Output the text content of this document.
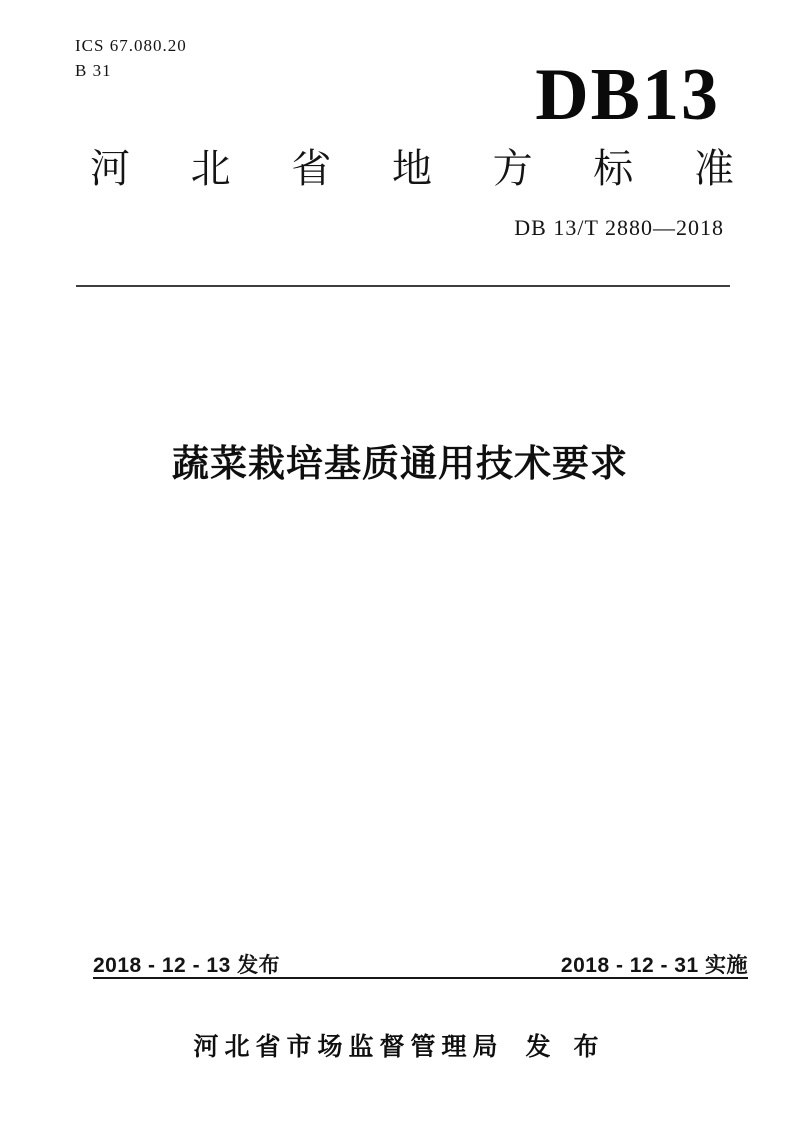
ICS 67.080.20
B 31	DB13
河 北 省 地 方 标 准
DB 13/T 2880—2018
蔬菜栽培基质通用技术要求
2018 - 12 - 13 发布	2018 - 12 - 31 实施
河北省市场监督管理局 发 布
